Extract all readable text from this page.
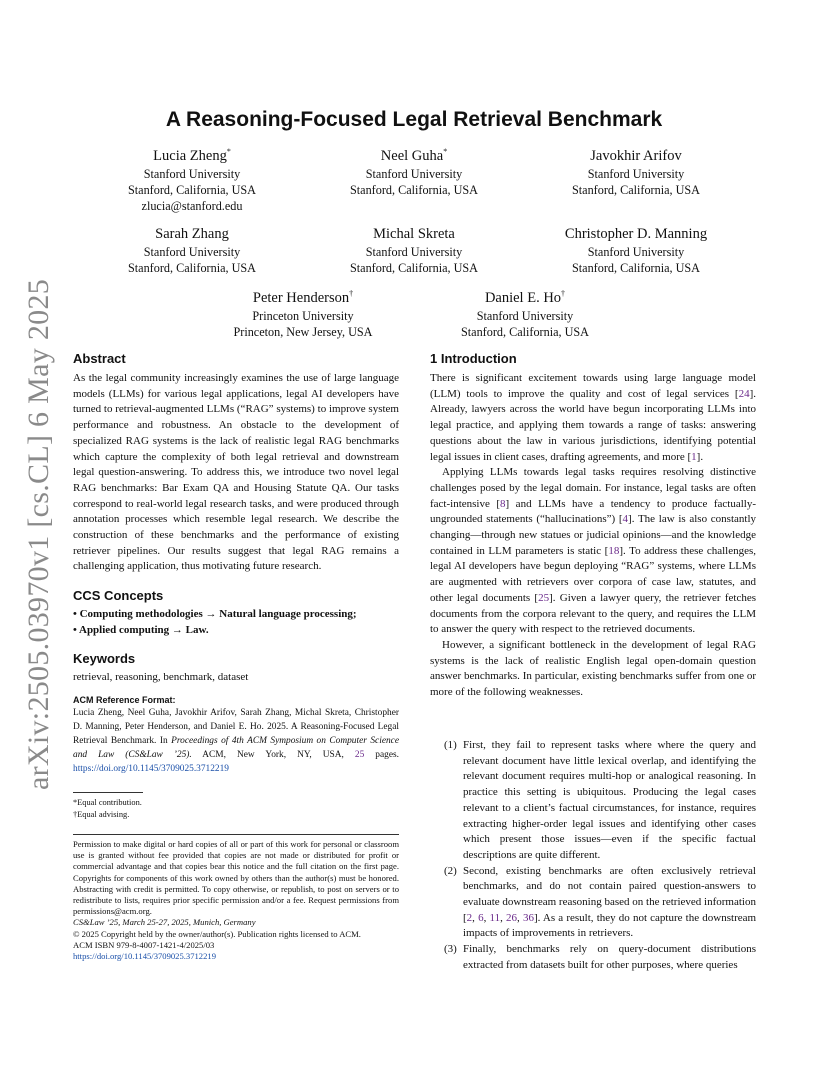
arXiv:2505.03970v1 [cs.CL] 6 May 2025
A Reasoning-Focused Legal Retrieval Benchmark
Lucia Zheng*
Stanford University
Stanford, California, USA
zlucia@stanford.edu
Neel Guha*
Stanford University
Stanford, California, USA
Javokhir Arifov
Stanford University
Stanford, California, USA
Sarah Zhang
Stanford University
Stanford, California, USA
Michal Skreta
Stanford University
Stanford, California, USA
Christopher D. Manning
Stanford University
Stanford, California, USA
Peter Henderson†
Princeton University
Princeton, New Jersey, USA
Daniel E. Ho†
Stanford University
Stanford, California, USA
Abstract

As the legal community increasingly examines the use of large language models (LLMs) for various legal applications, legal AI developers have turned to retrieval-augmented LLMs (“RAG” systems) to improve system performance and robustness. An obstacle to the development of specialized RAG systems is the lack of realistic legal RAG benchmarks which capture the complexity of both legal retrieval and downstream legal question-answering. To address this, we introduce two novel legal RAG benchmarks: Bar Exam QA and Housing Statute QA. Our tasks correspond to real-world legal research tasks, and were produced through annotation processes which resemble legal research. We describe the construction of these benchmarks and the performance of existing retriever pipelines. Our results suggest that legal RAG remains a challenging application, thus motivating future research.

CCS Concepts
• Computing methodologies → Natural language processing;
• Applied computing → Law.
Keywords

retrieval, reasoning, benchmark, dataset

ACM Reference Format:
Lucia Zheng, Neel Guha, Javokhir Arifov, Sarah Zhang, Michal Skreta, Christopher D. Manning, Peter Henderson, and Daniel E. Ho. 2025. A Reasoning-Focused Legal Retrieval Benchmark. In Proceedings of 4th ACM Symposium on Computer Science and Law (CS&Law ’25). ACM, New York, NY, USA, 25 pages. https://doi.org/10.1145/3709025.3712219
*Equal contribution.
†Equal advising.

Permission to make digital or hard copies of all or part of this work for personal or classroom use is granted without fee provided that copies are not made or distributed for profit or commercial advantage and that copies bear this notice and the full citation on the first page. Copyrights for components of this work owned by others than the author(s) must be honored. Abstracting with credit is permitted. To copy otherwise, or republish, to post on servers or to redistribute to lists, requires prior specific permission and/or a fee. Request permissions from permissions@acm.org.

CS&Law ’25, March 25-27, 2025, Munich, Germany
© 2025 Copyright held by the owner/author(s). Publication rights licensed to ACM.
ACM ISBN 979-8-4007-1421-4/2025/03
https://doi.org/10.1145/3709025.3712219
1 Introduction

There is significant excitement towards using large language model (LLM) tools to improve the quality and cost of legal services [24]. Already, lawyers across the world have begun incorporating LLMs into legal practice, and applying them towards a range of tasks: answering questions about the law in various jurisdictions, identifying potential legal issues in client cases, drafting agreements, and more [1].

Applying LLMs towards legal tasks requires resolving distinctive challenges posed by the legal domain. For instance, legal tasks are often fact-intensive [8] and LLMs have a tendency to produce factually-ungrounded statements (“hallucinations”) [4]. The law is also constantly changing—through new statues or judicial opinions—and the knowledge contained in LLM parameters is static [18]. To address these challenges, legal AI developers have begun deploying “RAG” systems, where LLMs are augmented with retrievers over corpora of case law, statutes, and other legal documents [25]. Given a lawyer query, the retriever fetches documents from the corpora relevant to the query, and requires the LLM to answer the query with respect to the retrieved documents.

However, a significant bottleneck in the development of legal RAG systems is the lack of realistic English legal open-domain question answer benchmarks. In particular, existing benchmarks suffer from one or more of the following weaknesses.

(1) First, they fail to represent tasks where where the query and relevant document have little lexical overlap, and identifying the relevant document requires multi-hop or analogical reasoning. In practice this setting is ubiquitous. Producing the legal cases relevant to a client’s factual circumstances, for instance, requires extracting higher-order legal issues and identifying other cases which present those issues—even if the specific factual descriptions are quite different.
(2) Second, existing benchmarks are often exclusively retrieval benchmarks, and do not contain paired question-answers to evaluate downstream reasoning based on the retrieved information [2, 6, 11, 26, 36]. As a result, they do not capture the downstream impacts of improvements in retrievers.
(3) Finally, benchmarks rely on query-document distributions extracted from datasets built for other purposes, where queries
